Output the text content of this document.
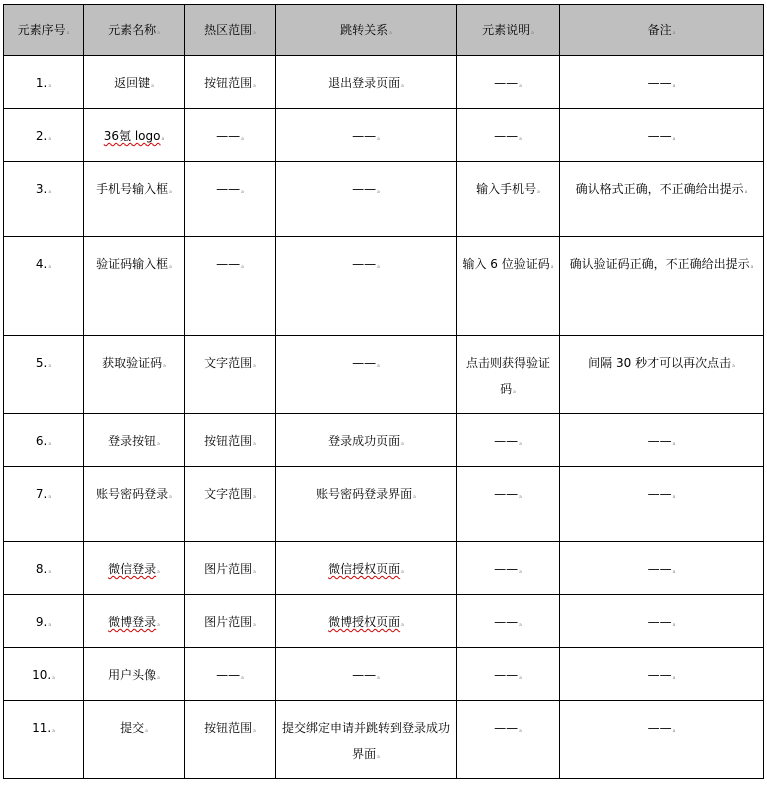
元素序号ₐ	元素名称ₐ	热区范围ₐ	跳转关系ₐ	元素说明ₐ	备注ₐ
1.ₐ	返回键ₐ	按钮范围ₐ	退出登录页面ₐ	——ₐ	——ₐ
2.ₐ	36氪 logoₐ	——ₐ	——ₐ	——ₐ	——ₐ
3.ₐ	手机号输入框ₐ	——ₐ	——ₐ	输入手机号ₐ	确认格式正确，不正确给出提示ₐ
4.ₐ	验证码输入框ₐ	——ₐ	——ₐ	输入 6 位验证码ₐ	确认验证码正确，不正确给出提示ₐ
5.ₐ	获取验证码ₐ	文字范围ₐ	——ₐ	点击则获得验证码ₐ	间隔 30 秒才可以再次点击ₐ
6.ₐ	登录按钮ₐ	按钮范围ₐ	登录成功页面ₐ	——ₐ	——ₐ
7.ₐ	账号密码登录ₐ	文字范围ₐ	账号密码登录界面ₐ	——ₐ	——ₐ
8.ₐ	微信登录ₐ	图片范围ₐ	微信授权页面ₐ	——ₐ	——ₐ
9.ₐ	微博登录ₐ	图片范围ₐ	微博授权页面ₐ	——ₐ	——ₐ
10.ₐ	用户头像ₐ	——ₐ	——ₐ	——ₐ	——ₐ
11.ₐ	提交ₐ	按钮范围ₐ	提交绑定申请并跳转到登录成功界面ₐ	——ₐ	——ₐ
